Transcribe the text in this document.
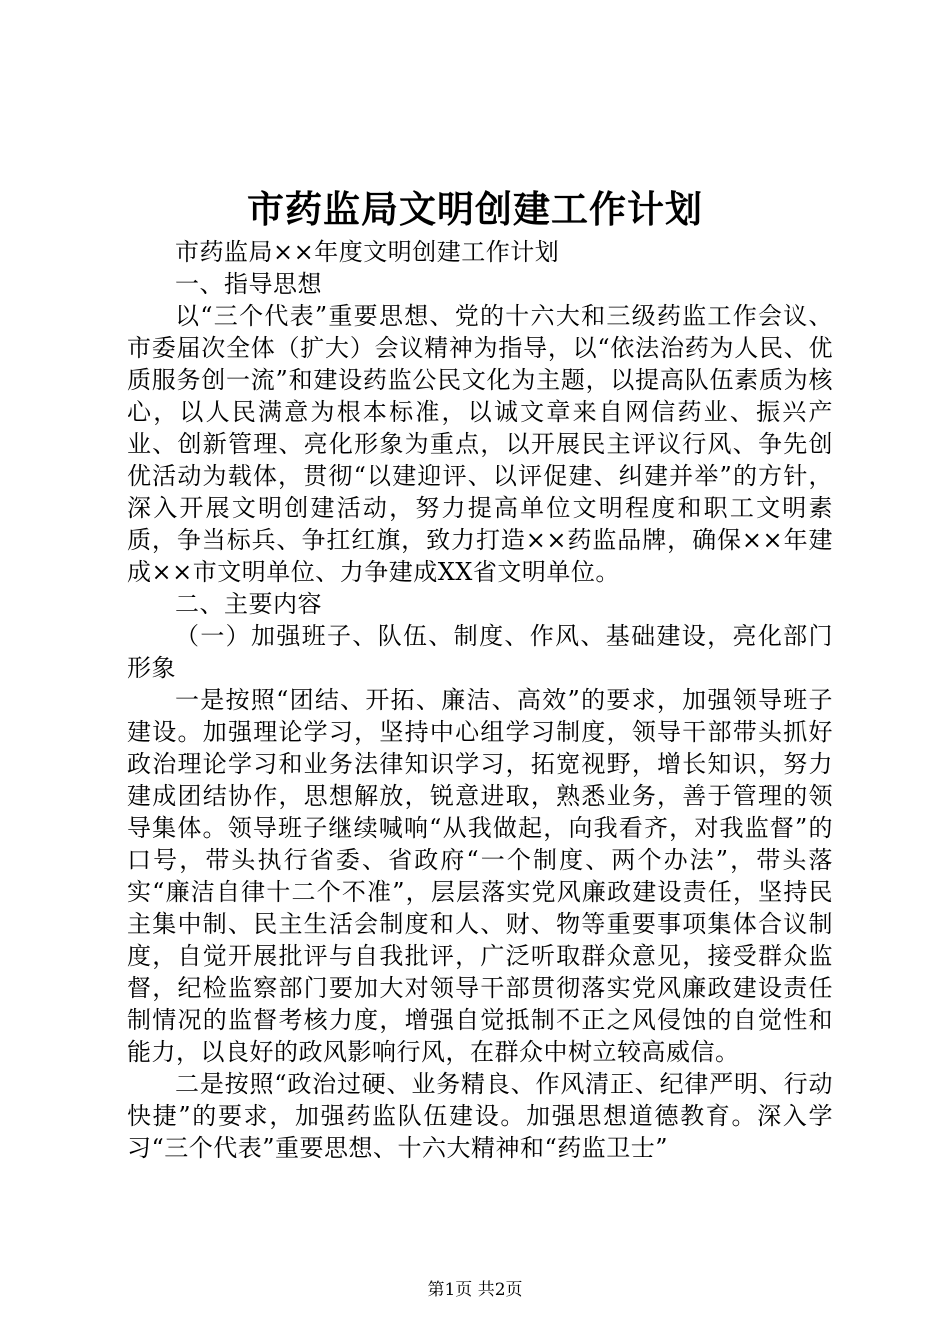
市药监局文明创建工作计划

市药监局××年度文明创建工作计划

一、指导思想

以“三个代表”重要思想、党的十六大和三级药监工作会议、市委届次全体（扩大）会议精神为指导，以“依法治药为人民、优质服务创一流”和建设药监公民文化为主题，以提高队伍素质为核心，以人民满意为根本标准，以诚文章来自网信药业、振兴产业、创新管理、亮化形象为重点，以开展民主评议行风、争先创优活动为载体，贯彻“以建迎评、以评促建、纠建并举”的方针，深入开展文明创建活动，努力提高单位文明程度和职工文明素质，争当标兵、争扛红旗，致力打造××药监品牌，确保××年建成××市文明单位、力争建成XX省文明单位。

二、主要内容

（一）加强班子、队伍、制度、作风、基础建设，亮化部门形象

一是按照“团结、开拓、廉洁、高效”的要求，加强领导班子建设。加强理论学习，坚持中心组学习制度，领导干部带头抓好政治理论学习和业务法律知识学习，拓宽视野，增长知识，努力建成团结协作，思想解放，锐意进取，熟悉业务，善于管理的领导集体。领导班子继续喊响“从我做起，向我看齐，对我监督”的口号，带头执行省委、省政府“一个制度、两个办法”，带头落实“廉洁自律十二个不准”，层层落实党风廉政建设责任，坚持民主集中制、民主生活会制度和人、财、物等重要事项集体合议制度，自觉开展批评与自我批评，广泛听取群众意见，接受群众监督，纪检监察部门要加大对领导干部贯彻落实党风廉政建设责任制情况的监督考核力度，增强自觉抵制不正之风侵蚀的自觉性和能力，以良好的政风影响行风，在群众中树立较高威信。

二是按照“政治过硬、业务精良、作风清正、纪律严明、行动快捷”的要求，加强药监队伍建设。加强思想道德教育。深入学习“三个代表”重要思想、十六大精神和“药监卫士”

第1页 共2页
